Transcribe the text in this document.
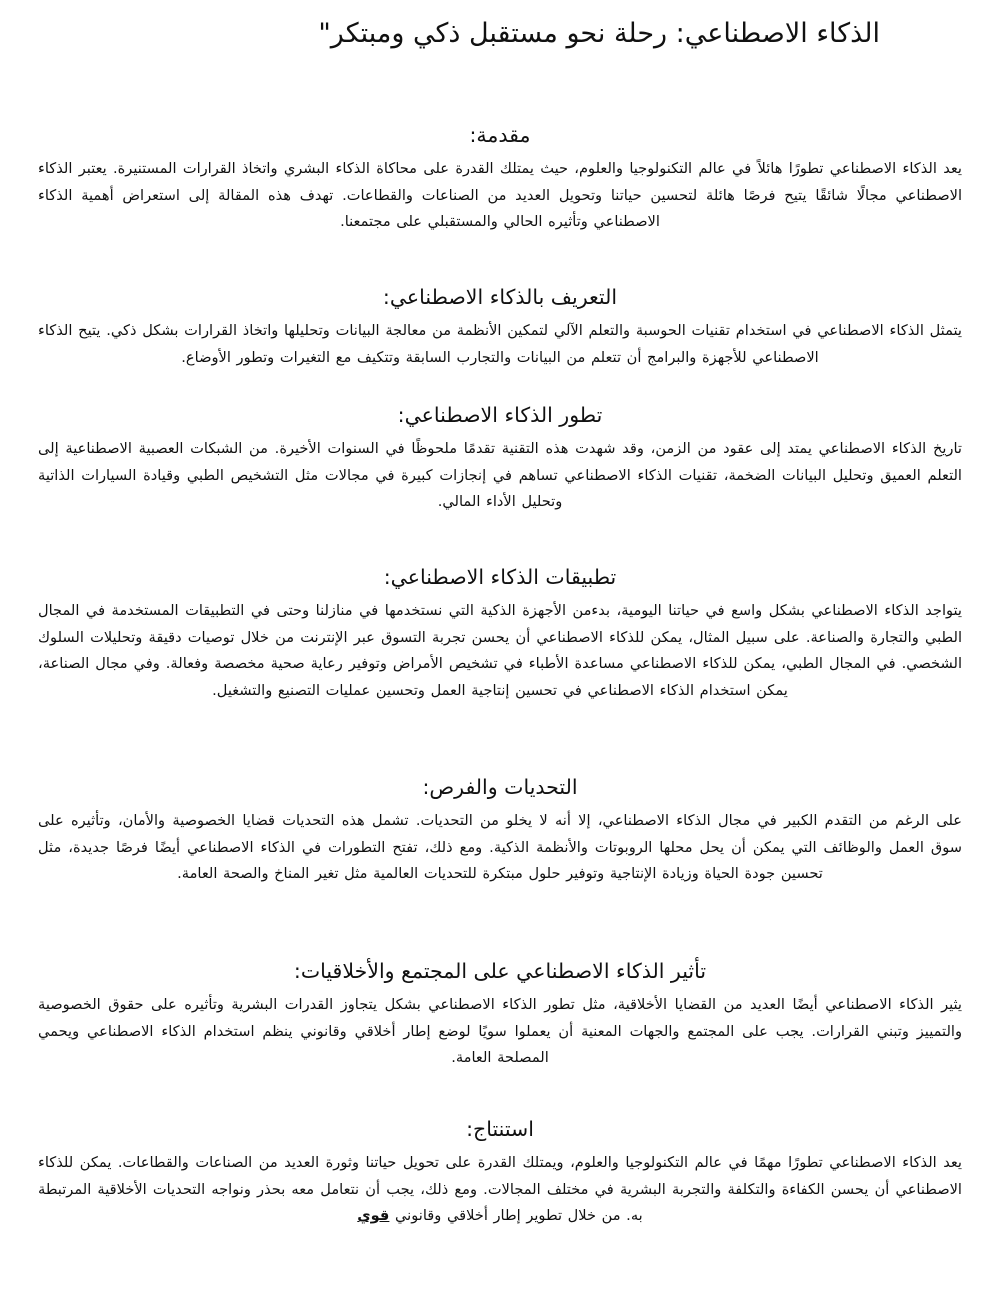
الذكاء الاصطناعي: رحلة نحو مستقبل ذكي ومبتكر"
مقدمة:

يعد الذكاء الاصطناعي تطورًا هائلاً في عالم التكنولوجيا والعلوم، حيث يمتلك القدرة على محاكاة الذكاء البشري واتخاذ القرارات المستنيرة. يعتبر الذكاء الاصطناعي مجالًا شائقًا يتيح فرصًا هائلة لتحسين حياتنا وتحويل العديد من الصناعات والقطاعات. تهدف هذه المقالة إلى استعراض أهمية الذكاء الاصطناعي وتأثيره الحالي والمستقبلي على مجتمعنا.

التعريف بالذكاء الاصطناعي:

يتمثل الذكاء الاصطناعي في استخدام تقنيات الحوسبة والتعلم الآلي لتمكين الأنظمة من معالجة البيانات وتحليلها واتخاذ القرارات بشكل ذكي. يتيح الذكاء الاصطناعي للأجهزة والبرامج أن تتعلم من البيانات والتجارب السابقة وتتكيف مع التغيرات وتطور الأوضاع.

تطور الذكاء الاصطناعي:

تاريخ الذكاء الاصطناعي يمتد إلى عقود من الزمن، وقد شهدت هذه التقنية تقدمًا ملحوظًا في السنوات الأخيرة. من الشبكات العصبية الاصطناعية إلى التعلم العميق وتحليل البيانات الضخمة، تقنيات الذكاء الاصطناعي تساهم في إنجازات كبيرة في مجالات مثل التشخيص الطبي وقيادة السيارات الذاتية وتحليل الأداء المالي.

تطبيقات الذكاء الاصطناعي:

يتواجد الذكاء الاصطناعي بشكل واسع في حياتنا اليومية، بدءمن الأجهزة الذكية التي نستخدمها في منازلنا وحتى في التطبيقات المستخدمة في المجال الطبي والتجارة والصناعة. على سبيل المثال، يمكن للذكاء الاصطناعي أن يحسن تجربة التسوق عبر الإنترنت من خلال توصيات دقيقة وتحليلات السلوك الشخصي. في المجال الطبي، يمكن للذكاء الاصطناعي مساعدة الأطباء في تشخيص الأمراض وتوفير رعاية صحية مخصصة وفعالة. وفي مجال الصناعة، يمكن استخدام الذكاء الاصطناعي في تحسين إنتاجية العمل وتحسين عمليات التصنيع والتشغيل.

التحديات والفرص:

على الرغم من التقدم الكبير في مجال الذكاء الاصطناعي، إلا أنه لا يخلو من التحديات. تشمل هذه التحديات قضايا الخصوصية والأمان، وتأثيره على سوق العمل والوظائف التي يمكن أن يحل محلها الروبوتات والأنظمة الذكية. ومع ذلك، تفتح التطورات في الذكاء الاصطناعي أيضًا فرصًا جديدة، مثل تحسين جودة الحياة وزيادة الإنتاجية وتوفير حلول مبتكرة للتحديات العالمية مثل تغير المناخ والصحة العامة.

تأثير الذكاء الاصطناعي على المجتمع والأخلاقيات:

يثير الذكاء الاصطناعي أيضًا العديد من القضايا الأخلاقية، مثل تطور الذكاء الاصطناعي بشكل يتجاوز القدرات البشرية وتأثيره على حقوق الخصوصية والتمييز وتبني القرارات. يجب على المجتمع والجهات المعنية أن يعملوا سويًا لوضع إطار أخلاقي وقانوني ينظم استخدام الذكاء الاصطناعي ويحمي المصلحة العامة.

استنتاج:

يعد الذكاء الاصطناعي تطورًا مهمًا في عالم التكنولوجيا والعلوم، ويمتلك القدرة على تحويل حياتنا وثورة العديد من الصناعات والقطاعات. يمكن للذكاء الاصطناعي أن يحسن الكفاءة والتكلفة والتجربة البشرية في مختلف المجالات. ومع ذلك، يجب أن نتعامل معه بحذر ونواجه التحديات الأخلاقية المرتبطة به. من خلال تطوير إطار أخلاقي وقانوني قوي
